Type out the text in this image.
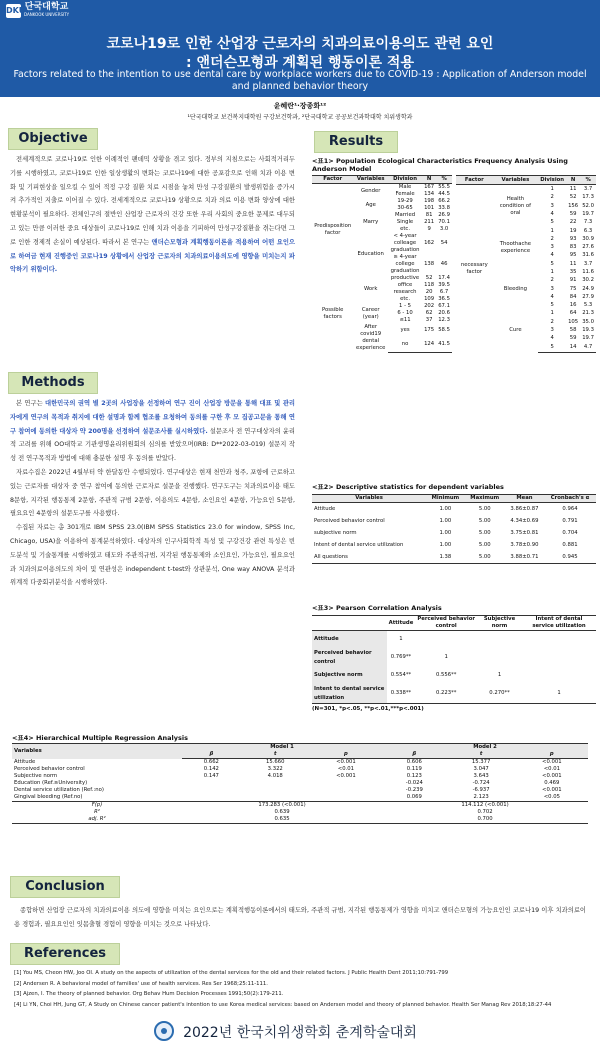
DKU 단국대학교
DANKOOK UNIVERSITY
코로나19로 인한 산업장 근로자의 치과의료이용의도 관련 요인
: 앤더슨모형과 계획된 행동이론 적용
Factors related to the intention to use dental care by workplace workers due to COVID-19 : Application of Anderson model and planned behavior theory
윤혜란¹·장종화¹²
¹단국대학교 보건복지대학원 구강보건학과, ²단국대학교 공공보건과학대학 치위생학과
Objective
전세계적으로 코로나19로 인한 이례적인 팬데믹 상황을 겪고 있다. 정부의 지침으로는 사회적거리두기를 시행하였고, 코로나19로 인한 일상생활의 변화는 코로나19에 대한 공포감으로 인해 치과 이용 변화 및 기피현상을 일으킬 수 있어 적정 구강 질환 치료 시점을 놓쳐 만성 구강질환의 발생위험을 증가시켜 추가적인 지출로 이어질 수 있다. 전세계적으로 코로나19 상황으로 치과 의료 이용 변화 양상에 대한 현황분석이 필요하다. 전체인구의 절반인 산업장 근로자의 건강 또한 우리 사회의 중요한 문제로 대두되고 있는 만큼 이러한 중요 대상들이 코로나19로 인해 치과 이용을 기피하여 만성구강질환을 겪는다면 그로 인한 경제적 손실이 예상된다. 따라서 본 연구는 앤더슨모형과 계획행동이론을 적용하여 어떤 요인으로 하여금 현재 진행중인 코로나19 상황에서 산업장 근로자의 치과의료이용의도에 영향을 미치는지 파악하기 위함이다.
Methods
본 연구는 대한민국의 권역 별 2곳의 사업장을 선정하여 연구 진이 산업장 방문을 통해 대표 및 관리자에게 연구의 목적과 취지에 대한 설명과 함께 협조를 요청하여 동의를 구한 후 모 집공고문을 통해 연구 참여에 동의한 대상자 약 200명을 선정하여 설문조사를 실시하였다. 설문조사 전 연구대상자의 윤리적 고려를 위해 OO대학교 기관생명윤리위원회의 심의를 받았으며(IRB: D**2022-03-019) 설문지 작성 전 연구목적과 방법에 대해 충분한 설명 후 동의를 받았다.
자료수집은 2022년 4월부터 약 한달동안 수행되었다. 연구대상은 현재 천안과 청주, 포항에 근로하고 있는 근로자를 대상자 중 연구 참여에 동의한 근로자로 설문을 진행했다. 연구도구는 치과의료이용 태도 8문항, 지각된 행동통제 2문항, 주관적 규범 2문항, 이용의도 4문항, 소인요인 4문항, 가능요인 5문항, 필요요인 4문항의 설문도구를 사용했다.
수집된 자료는 총 301개로 IBM SPSS 23.0(IBM SPSS Statistics 23.0 for window, SPSS Inc, Chicago, USA)을 이용하여 통계분석하였다. 대상자의 인구사회학적 특성 및 구강건강 관련 특성은 빈도분석 및 기술통계를 시행하였고 태도와 주관적규범, 지각된 행동통제와 소인요인, 가능요인, 필요요인과 치과의료이용의도의 차이 및 연관성은 independent t-test와 상관분석, One way ANOVA 분석과 위계적 다중회귀분석을 시행하였다.
Results
<표1> Population Ecological Characteristics Frequency Analysis Using Anderson Model
Factor	Variables	Division	N	%
Predisposition factor	Gender	Male	167	55.5
		Female	134	44.5
	Age	19-29	198	66.2
		30-65	101	33.8
	Marry	Married	81	26.9
		Single	211	70.1
		etc.	9	3.0
	Education	< 4-year colleage graduation	162	54
		≥ 4-year college graduation	138	46
Possible factors	Work	productive	52	17.4
		office	118	39.5
		research	20	6.7
		etc.	109	36.5
	Career (year)	1 - 5	202	67.1
		6 - 10	62	20.6
		≤11	37	12.3
	After covid19 dental experience	yes	175	58.5
		no	124	41.5
Factor	Variables	Division	N	%
necessary factor	Health condition of oral	1	11	3.7
		2	52	17.3
		3	156	52.0
		4	59	19.7
		5	22	7.3
	Thoothache experience	1	19	6.3
		2	93	30.9
		3	83	27.6
		4	95	31.6
		5	11	3.7
	Bleeding	1	35	11.6
		2	91	30.2
		3	75	24.9
		4	84	27.9
		5	16	5.3
	Cure	1	64	21.3
		2	105	35.0
		3	58	19.3
		4	59	19.7
		5	14	4.7
<표2> Descriptive statistics for dependent variables
Variables	Minimum	Maximum	Mean	Cronbach's α
Attitude	1.00	5.00	3.86±0.87	0.964
Perceived behavior control	1.00	5.00	4.34±0.69	0.791
subjective norm	1.00	5.00	3.75±0.81	0.704
Intent of dental service utilization	1.00	5.00	3.78±0.90	0.881
All questions	1.38	5.00	3.88±0.71	0.945
<표3> Pearson Correlation Analysis
	Attitude	Perceived behavior control	Subjective norm	Intent of dental service utilization
Attitude	1			
Perceived behavior control	0.769**	1		
Subjective norm	0.554**	0.556**	1	
Intent to dental service utilization	0.338**	0.223**	0.270**	1
(N=301, *p<.05, **p<.01,***p<.001)
<표4> Hierarchical Multiple Regression Analysis
Variables	Model 1			Model 2		
	β	t	p	β	t	p
Attitude	0.662	15.660	<0.001	0.606	15.377	<0.001
Perceived behavior control	0.142	3.322	<0.01	0.119	3.047	<0.01
Subjective norm	0.147	4.018	<0.001	0.123	3.643	<0.001
Education (Ref.≥University)				-0.024	-0.724	0.469
Dental service utilization (Ref.:no)				-0.239	-6.937	<0.001
Gingival bleeding (Ref.no)				0.069	2.123	<0.05
F(p)	173.283 (<0.001)			114.112 (<0.001)		
R²	0.639			0.702		
adj. R²	0.635			0.700		
Conclusion
종합하면 산업장 근로자의 치과의료이용 의도에 영향을 미치는 요인으로는 계획적행동이론에서의 태도와, 주관적 규범, 지각된 행동통제가 영향을 미치고 앤더슨모형의 가능요인인 코로나19 이후 치과의료이용 경험과, 필요요인인 잇몸출혈 경험이 영향을 미치는 것으로 나타났다.
References
[1] You MS, Cheon HW, Joo OI. A study on the aspects of utilization of the dental services for the old and their related factors. J Public Health Dent 2011;10:791-799
[2] Andersen R. A behavioral model of families' use of health services. Res Ser 1968;25:11-111.
[3] Ajzen, I. The theory of planned behavior. Org Behav Hum Decision Processes 1991;50(2):179-211.
[4] Li YN, Choi HH, Jung GT, A Study on Chinese cancer patient's intention to use Korea medical services: based on Andersen model and theory of planned behavior. Health Ser Manag Rev 2018;18:27-44
2022년 한국치위생학회 춘계학술대회
